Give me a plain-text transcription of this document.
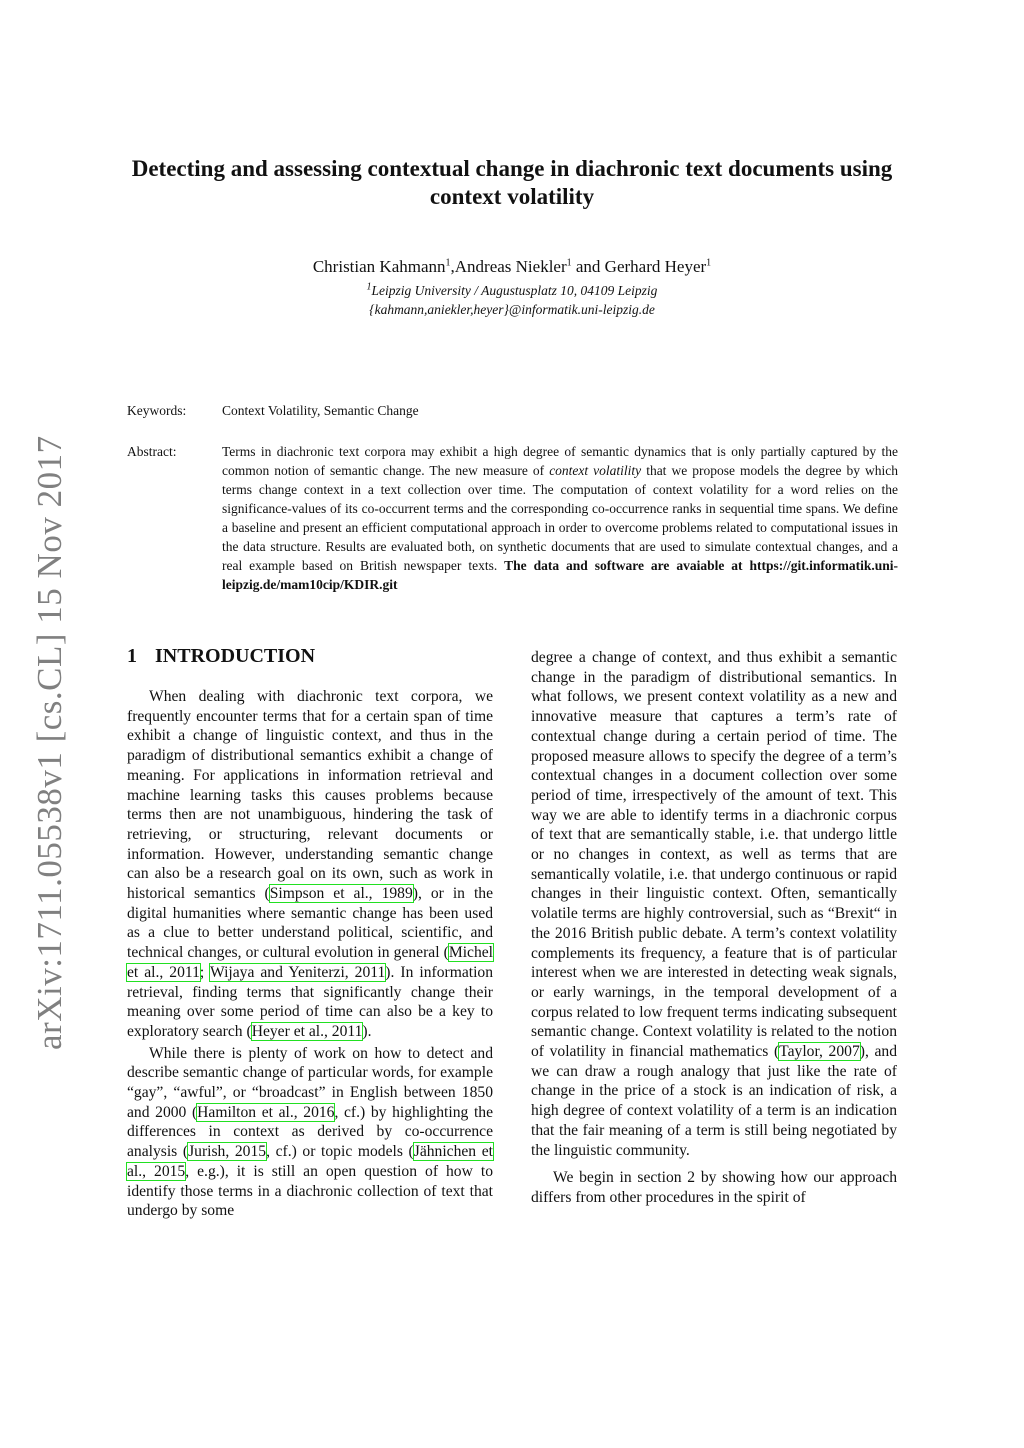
arXiv:1711.05538v1 [cs.CL] 15 Nov 2017
Detecting and assessing contextual change in diachronic text documents using context volatility
Christian Kahmann$^1$,Andreas Niekler$^1$ and Gerhard Heyer$^1$
$^1$Leipzig University / Augustusplatz 10, 04109 Leipzig
{kahmann,aniekler,heyer}@informatik.uni-leipzig.de
Keywords:	Context Volatility, Semantic Change
Abstract:	Terms in diachronic text corpora may exhibit a high degree of semantic dynamics that is only partially captured by the common notion of semantic change. The new measure of context volatility that we propose models the degree by which terms change context in a text collection over time. The computation of context volatility for a word relies on the significance-values of its co-occurrent terms and the corresponding co-occurrence ranks in sequential time spans. We define a baseline and present an efficient computational approach in order to overcome problems related to computational issues in the data structure. Results are evaluated both, on synthetic documents that are used to simulate contextual changes, and a real example based on British newspaper texts. The data and software are avaiable at https://git.informatik.uni-leipzig.de/mam10cip/KDIR.git
1 INTRODUCTION

When dealing with diachronic text corpora, we frequently encounter terms that for a certain span of time exhibit a change of linguistic context, and thus in the paradigm of distributional semantics exhibit a change of meaning. For applications in information retrieval and machine learning tasks this causes problems because terms then are not unambiguous, hindering the task of retrieving, or structuring, relevant documents or information. However, understanding semantic change can also be a research goal on its own, such as work in historical semantics (Simpson et al., 1989), or in the digital humanities where semantic change has been used as a clue to better understand political, scientific, and technical changes, or cultural evolution in general (Michel et al., 2011; Wijaya and Yeniterzi, 2011). In information retrieval, finding terms that significantly change their meaning over some period of time can also be a key to exploratory search (Heyer et al., 2011).

While there is plenty of work on how to detect and describe semantic change of particular words, for example “gay”, “awful”, or “broadcast” in English between 1850 and 2000 (Hamilton et al., 2016, cf.) by highlighting the differences in context as derived by co-occurrence analysis (Jurish, 2015, cf.) or topic models (Jähnichen et al., 2015, e.g.), it is still an open question of how to identify those terms in a diachronic collection of text that undergo by some

degree a change of context, and thus exhibit a semantic change in the paradigm of distributional semantics. In what follows, we present context volatility as a new and innovative measure that captures a term’s rate of contextual change during a certain period of time. The proposed measure allows to specify the degree of a term’s contextual changes in a document collection over some period of time, irrespectively of the amount of text. This way we are able to identify terms in a diachronic corpus of text that are semantically stable, i.e. that undergo little or no changes in context, as well as terms that are semantically volatile, i.e. that undergo continuous or rapid changes in their linguistic context. Often, semantically volatile terms are highly controversial, such as “Brexit“ in the 2016 British public debate. A term’s context volatility complements its frequency, a feature that is of particular interest when we are interested in detecting weak signals, or early warnings, in the temporal development of a corpus related to low frequent terms indicating subsequent semantic change. Context volatility is related to the notion of volatility in financial mathematics (Taylor, 2007), and we can draw a rough analogy that just like the rate of change in the price of a stock is an indication of risk, a high degree of context volatility of a term is an indication that the fair meaning of a term is still being negotiated by the linguistic community.

We begin in section 2 by showing how our approach differs from other procedures in the spirit of
